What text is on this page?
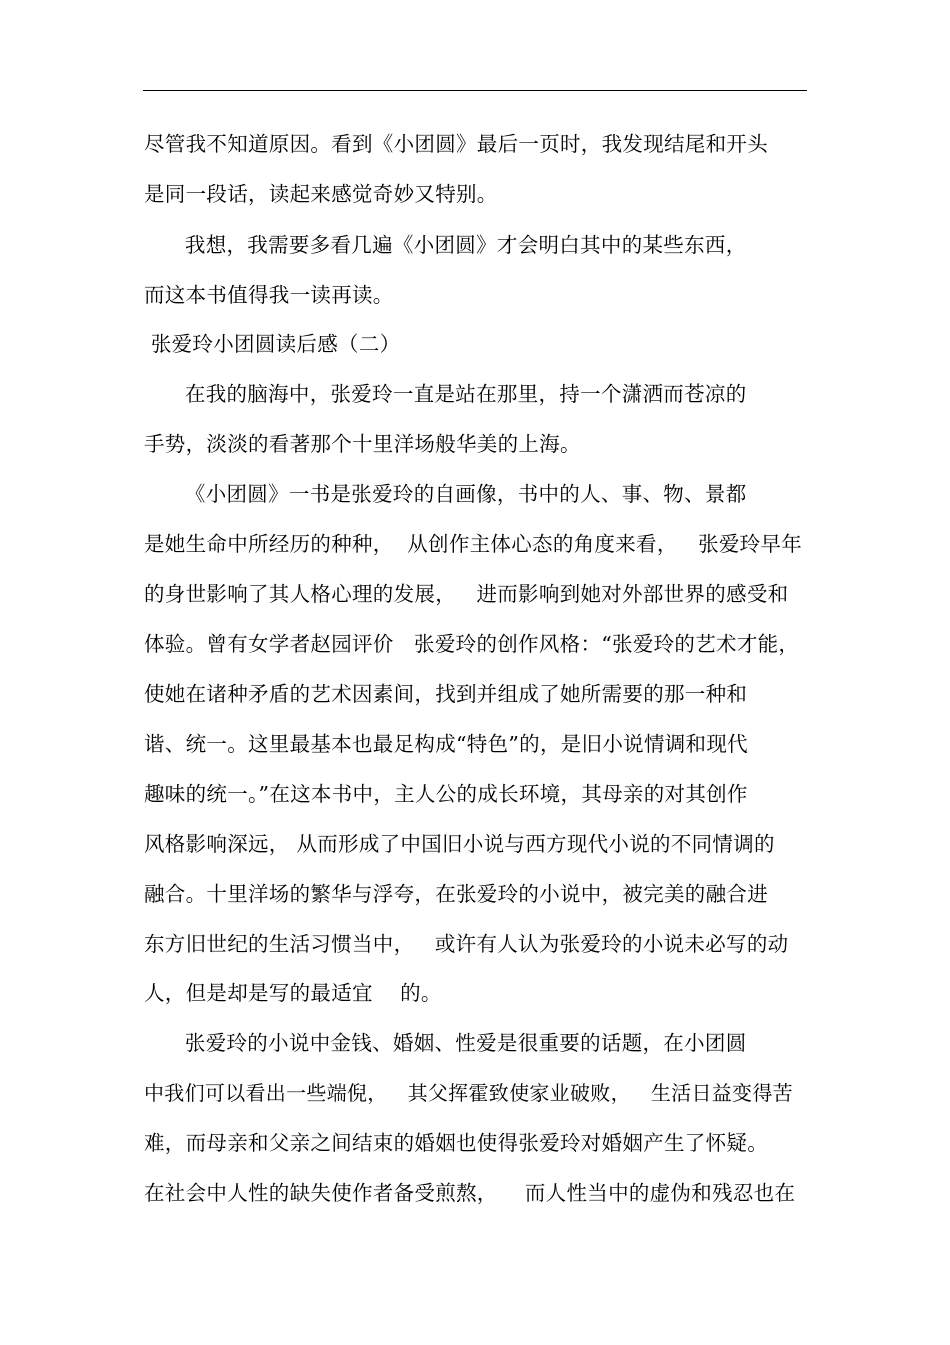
尽管我不知道原因。看到《小团圆》最后一页时，我发现结尾和开头
是同一段话，读起来感觉奇妙又特别。
我想，我需要多看几遍《小团圆》才会明白其中的某些东西，
而这本书值得我一读再读。
张爱玲小团圆读后感（二）
在我的脑海中，张爱玲一直是站在那里，持一个潇洒而苍凉的
手势，淡淡的看著那个十里洋场般华美的上海。
《小团圆》一书是张爱玲的自画像，书中的人、事、物、景都
是她生命中所经历的种种，  从创作主体心态的角度来看，   张爱玲早年
的身世影响了其人格心理的发展，   进而影响到她对外部世界的感受和
体验。曾有女学者赵园评价   张爱玲的创作风格：“张爱玲的艺术才能，
使她在诸种矛盾的艺术因素间，找到并组成了她所需要的那一种和
谐、统一。这里最基本也最足构成“特色”的，是旧小说情调和现代
趣味的统一。”在这本书中，主人公的成长环境，其母亲的对其创作
风格影响深远， 从而形成了中国旧小说与西方现代小说的不同情调的
融合。十里洋场的繁华与浮夸，在张爱玲的小说中，被完美的融合进
东方旧世纪的生活习惯当中，   或许有人认为张爱玲的小说未必写的动
人，但是却是写的最适宜    的。
张爱玲的小说中金钱、婚姻、性爱是很重要的话题，在小团圆
中我们可以看出一些端倪，   其父挥霍致使家业破败，   生活日益变得苦
难，而母亲和父亲之间结束的婚姻也使得张爱玲对婚姻产生了怀疑。
在社会中人性的缺失使作者备受煎熬，    而人性当中的虚伪和残忍也在
